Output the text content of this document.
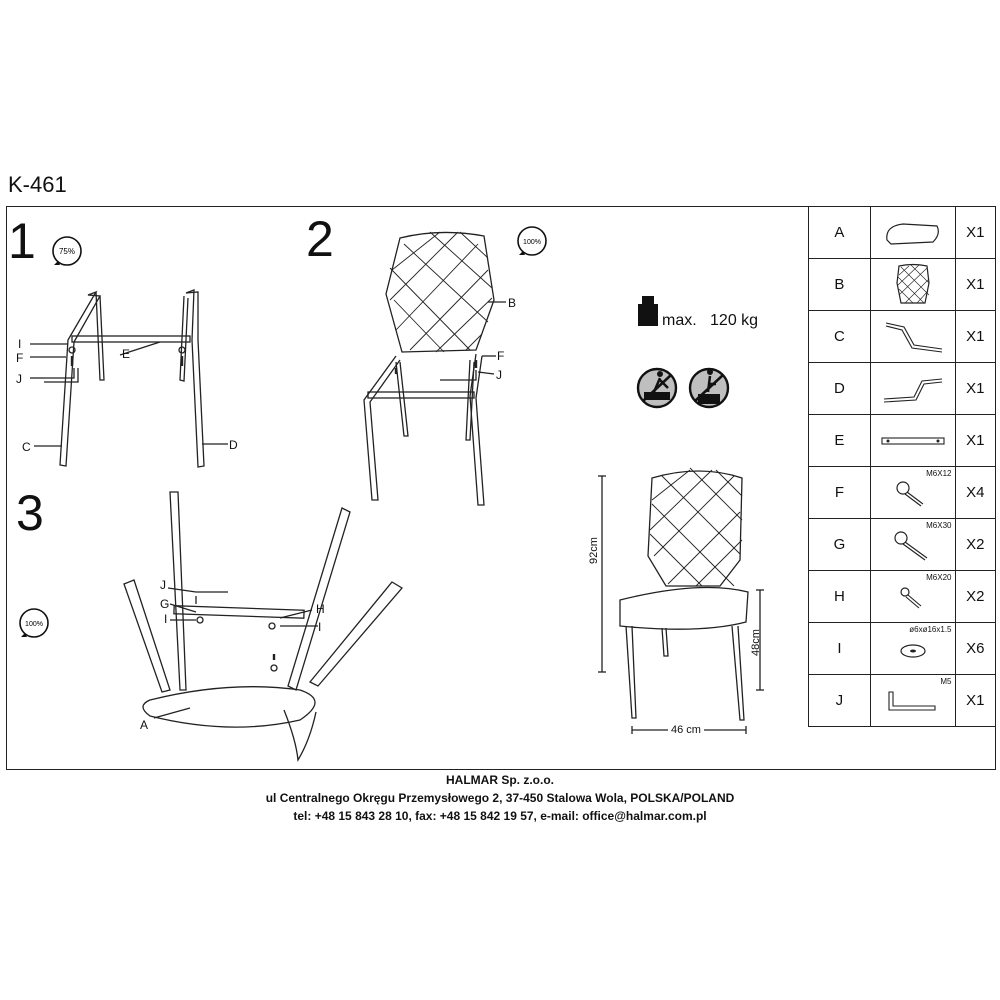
K-461
1	2
3
75%
100%
100%
I
F
J
E
C	D
B
F
J
J
G
I
H
I
A
max. 120 kg
92cm
48cm
46 cm
A		X1
B		X1
C		X1
D		X1
E		X1
F	M6X12	X4
G	M6X30	X2
H	M6X20	X2
I	ø6xø16x1.5	X6
J	M5	X1
HALMAR Sp. z.o.o.
ul Centralnego Okręgu Przemysłowego 2, 37-450 Stalowa Wola, POLSKA/POLAND
tel: +48 15 843 28 10, fax: +48 15 842 19 57, e-mail: office@halmar.com.pl
